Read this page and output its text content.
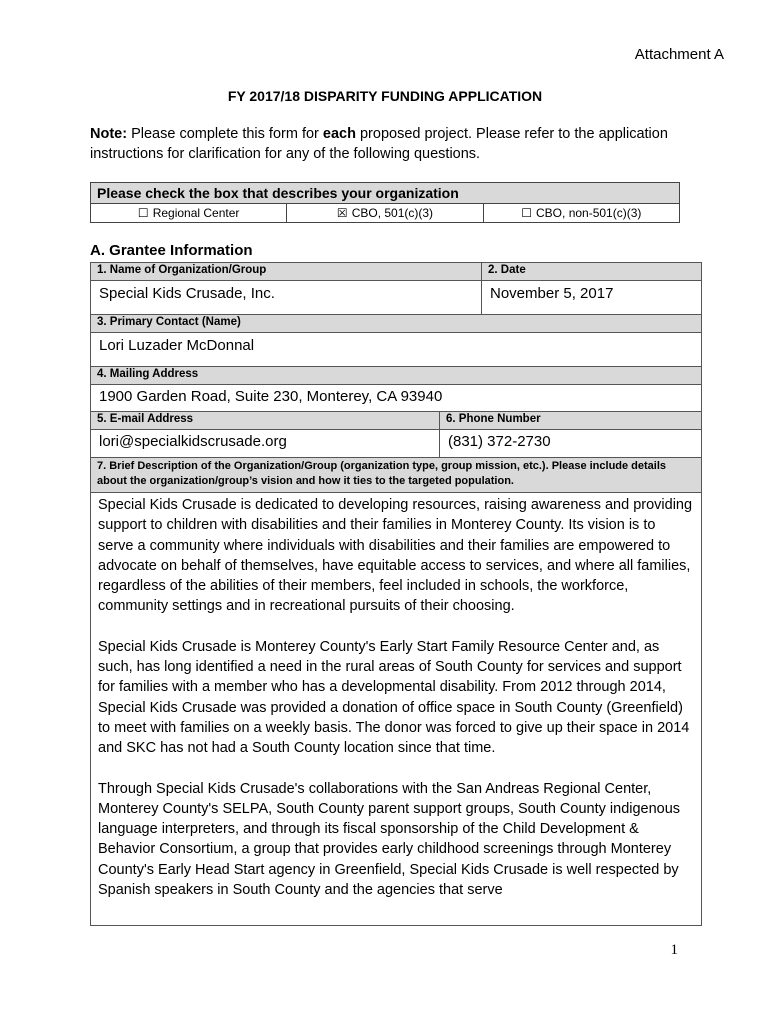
Attachment A
FY 2017/18 DISPARITY FUNDING APPLICATION
Note: Please complete this form for each proposed project. Please refer to the application instructions for clarification for any of the following questions.
Please check the box that describes your organization
☐ Regional Center	☒ CBO, 501(c)(3)	☐ CBO, non-501(c)(3)
A. Grantee Information
1. Name of Organization/Group	2. Date
Special Kids Crusade, Inc.	November 5, 2017
3. Primary Contact (Name)
Lori Luzader McDonnal
4. Mailing Address
1900 Garden Road, Suite 230, Monterey, CA 93940
5. E-mail Address	6. Phone Number
lori@specialkidscrusade.org	(831) 372-2730
7. Brief Description of the Organization/Group (organization type, group mission, etc.). Please include details about the organization/group’s vision and how it ties to the targeted population.

Special Kids Crusade is dedicated to developing resources, raising awareness and providing support to children with disabilities and their families in Monterey County. Its vision is to serve a community where individuals with disabilities and their families are empowered to advocate on behalf of themselves, have equitable access to services, and where all families, regardless of the abilities of their members, feel included in schools, the workforce, community settings and in recreational pursuits of their choosing.

Special Kids Crusade is Monterey County's Early Start Family Resource Center and, as such, has long identified a need in the rural areas of South County for services and support for families with a member who has a developmental disability. From 2012 through 2014, Special Kids Crusade was provided a donation of office space in South County (Greenfield) to meet with families on a weekly basis. The donor was forced to give up their space in 2014 and SKC has not had a South County location since that time.

Through Special Kids Crusade's collaborations with the San Andreas Regional Center, Monterey County's SELPA, South County parent support groups, South County indigenous language interpreters, and through its fiscal sponsorship of the Child Development & Behavior Consortium, a group that provides early childhood screenings through Monterey County's Early Head Start agency in Greenfield, Special Kids Crusade is well respected by Spanish speakers in South County and the agencies that serve

1
